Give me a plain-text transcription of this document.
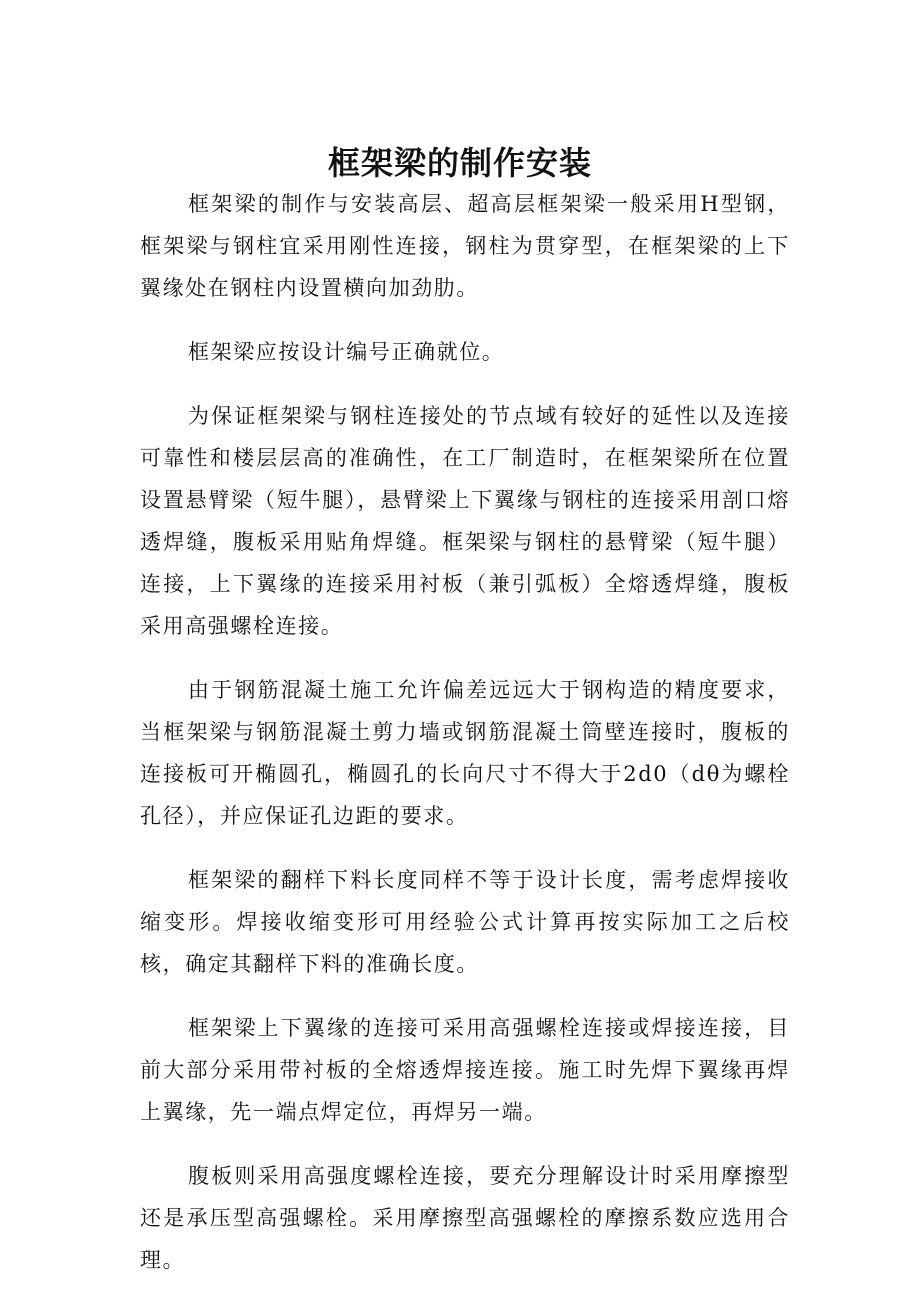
框架梁的制作安装

框架梁的制作与安装高层、超高层框架梁一般采用H型钢，框架梁与钢柱宜采用刚性连接，钢柱为贯穿型，在框架梁的上下翼缘处在钢柱内设置横向加劲肋。

框架梁应按设计编号正确就位。

为保证框架梁与钢柱连接处的节点域有较好的延性以及连接可靠性和楼层层高的准确性，在工厂制造时，在框架梁所在位置设置悬臂梁（短牛腿），悬臂梁上下翼缘与钢柱的连接采用剖口熔透焊缝，腹板采用贴角焊缝。框架梁与钢柱的悬臂梁（短牛腿）连接，上下翼缘的连接采用衬板（兼引弧板）全熔透焊缝，腹板采用高强螺栓连接。

由于钢筋混凝土施工允许偏差远远大于钢构造的精度要求，当框架梁与钢筋混凝土剪力墙或钢筋混凝土筒壁连接时，腹板的连接板可开椭圆孔，椭圆孔的长向尺寸不得大于2d0（dθ为螺栓孔径），并应保证孔边距的要求。

框架梁的翻样下料长度同样不等于设计长度，需考虑焊接收缩变形。焊接收缩变形可用经验公式计算再按实际加工之后校核，确定其翻样下料的准确长度。

框架梁上下翼缘的连接可采用高强螺栓连接或焊接连接，目前大部分采用带衬板的全熔透焊接连接。施工时先焊下翼缘再焊上翼缘，先一端点焊定位，再焊另一端。

腹板则采用高强度螺栓连接，要充分理解设计时采用摩擦型还是承压型高强螺栓。采用摩擦型高强螺栓的摩擦系数应选用合理。
